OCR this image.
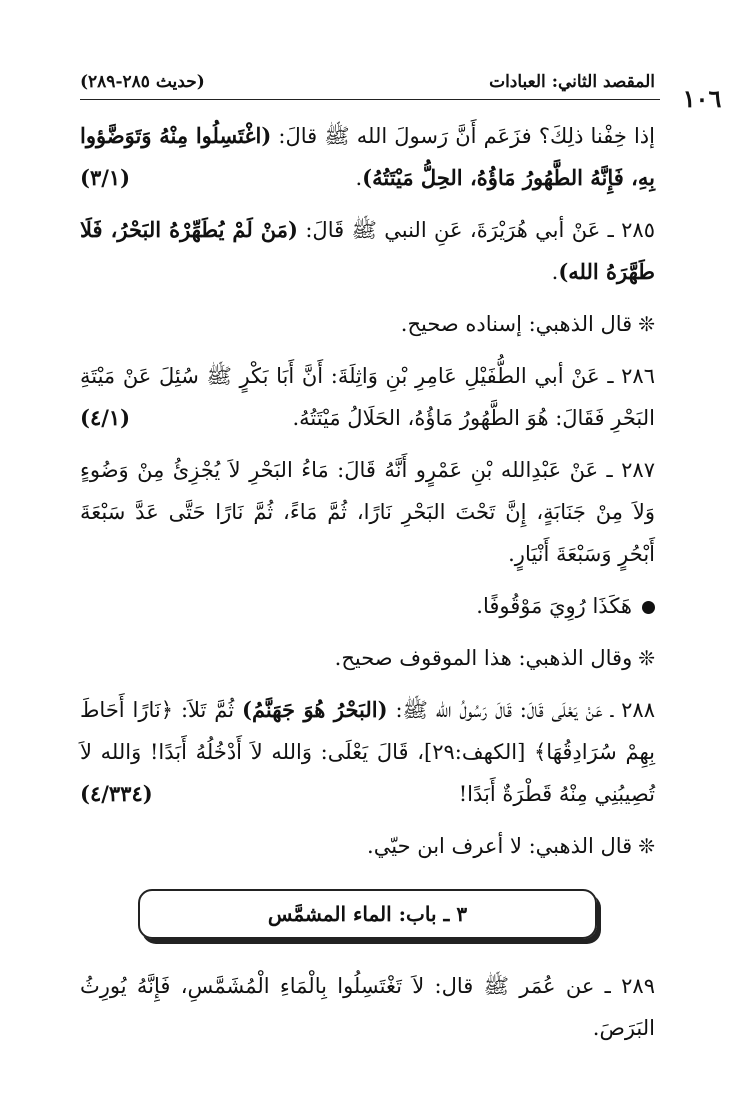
المقصد الثاني: العبادات
(حديث ٢٨٥-٢٨٩)
١٠٦

إذا خِفْنا ذلِكَ؟ فزَعَم أَنَّ رَسولَ الله ﷺ قالَ: (اغْتَسِلُوا مِنْهُ وَتَوَضَّؤوا بِهِ، فَإِنَّهُ الطَّهُورُ مَاؤُهُ، الحِلُّ مَيْتَتُهُ).
(٣/١)

٢٨٥ ـ عَنْ أبي هُرَيْرَةَ، عَنِ النبي ﷺ قَالَ: (مَنْ لَمْ يُطَهِّرْهُ البَحْرُ، فَلَا طَهَّرَهُ الله).

❊قال الذهبي: إسناده صحيح.

٢٨٦ ـ عَنْ أبي الطُّفَيْلِ عَامِرِ بْنِ وَاثِلَةَ: أَنَّ أَبَا بَكْرٍ ﷺ سُئِلَ عَنْ مَيْتَةِ البَحْرِ فَقَالَ: هُوَ الطَّهُورُ مَاؤُهُ، الحَلَالُ مَيْتَتُهُ.
(٤/١)

٢٨٧ ـ عَنْ عَبْدِالله بْنِ عَمْرٍو أَنَّهُ قَالَ: مَاءُ البَحْرِ لاَ يُجْزِئُ مِنْ وَضُوءٍ وَلاَ مِنْ جَنَابَةٍ، إِنَّ تَحْتَ البَحْرِ نَارًا، ثُمَّ مَاءً، ثُمَّ نَارًا حَتَّى عَدَّ سَبْعَةَ أَبْحُرٍ وَسَبْعَةَ أَنْيَارٍ.

هَكَذَا رُوِيَ مَوْقُوفًا.

❊وقال الذهبي: هذا الموقوف صحيح.

٢٨٨ ـ عَنْ يَعْلَى قَالَ: قَالَ رَسُولُ الله ﷺ: (البَحْرُ هُوَ جَهَنَّمُ) ثُمَّ تَلاَ: ﴿نَارًا أَحَاطَ بِهِمْ سُرَادِقُهَا﴾ [الكهف:٢٩]، قَالَ يَعْلَى: وَالله لاَ أَدْخُلُهُ أَبَدًا! وَالله لاَ تُصِيبُنِي مِنْهُ قَطْرَةٌ أَبَدًا!
(٤/٣٣٤)

❊قال الذهبي: لا أعرف ابن حيّي.

٣ ـ باب: الماء المشمَّس

٢٨٩ ـ عن عُمَر ﷺ قال: لاَ تَغْتَسِلُوا بِالْمَاءِ الْمُشَمَّسِ، فَإِنَّهُ يُورِثُ البَرَصَ.
